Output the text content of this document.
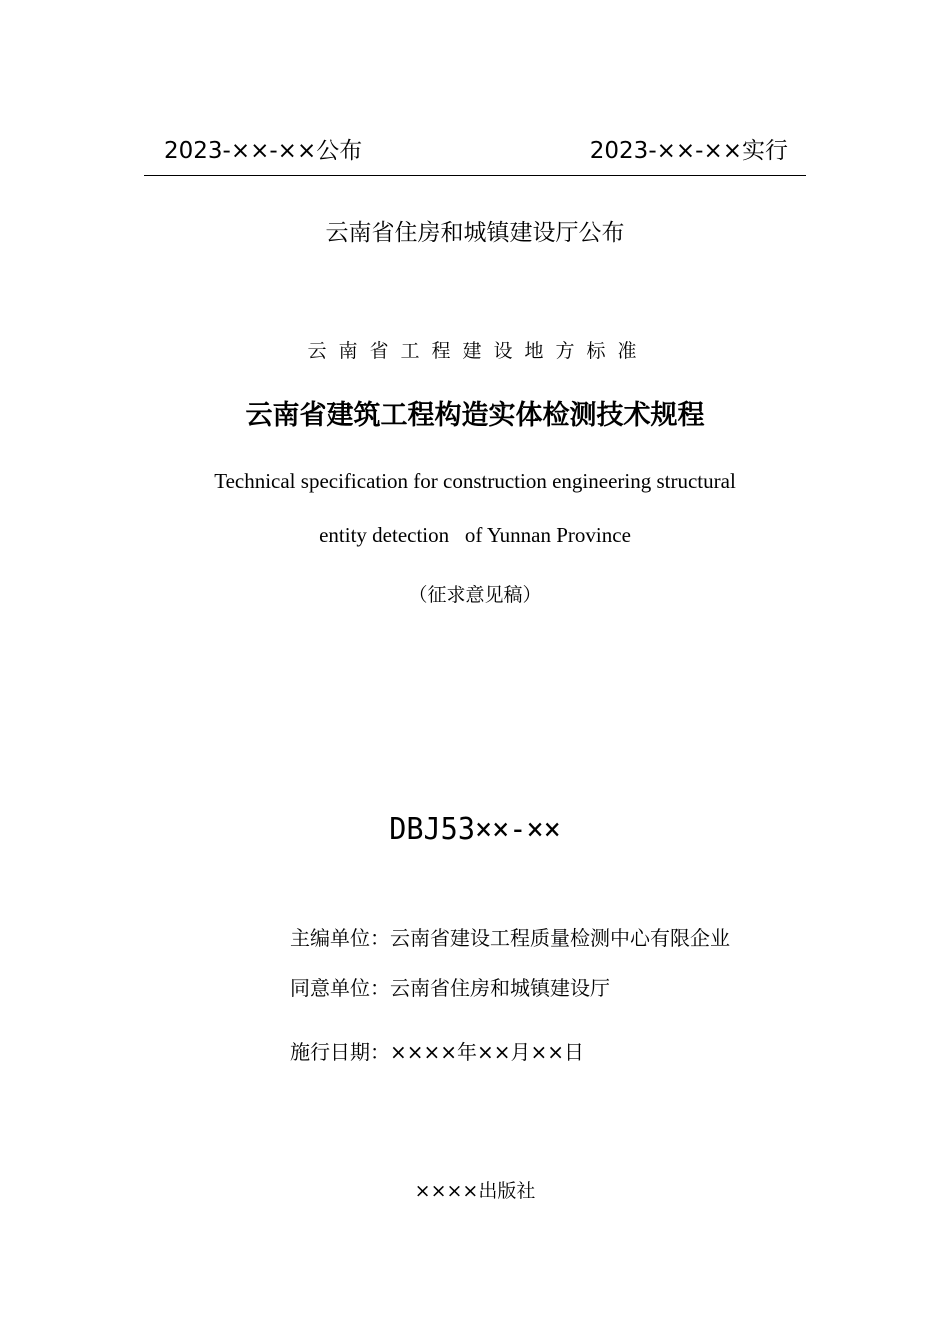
2023-××-××公布	2023-××-××实行
云南省住房和城镇建设厅公布
云南省工程建设地方标准
云南省建筑工程构造实体检测技术规程
Technical specification for construction engineering structural
entity detection   of Yunnan Province
（征求意见稿）
DBJ53××-××
主编单位：云南省建设工程质量检测中心有限企业
同意单位：云南省住房和城镇建设厅
施行日期：××××年××月××日
××××出版社
